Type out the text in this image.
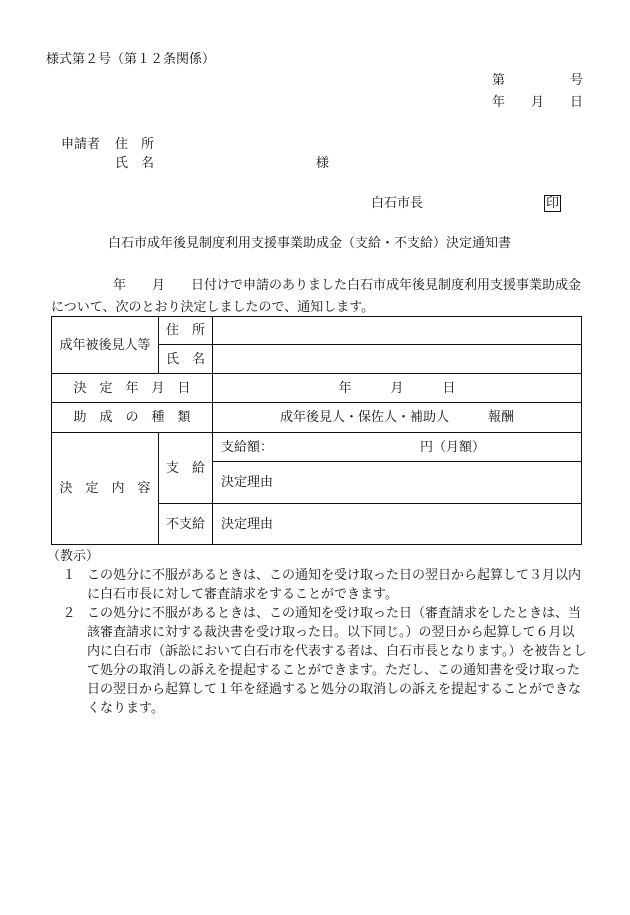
様式第２号（第１２条関係）
第　　　　　号
年　　月　　日
申請者 住　所
氏　名	様
白石市長	印
白石市成年後見制度利用支援事業助成金（支給・不支給）決定通知書
年　　月　　日付けで申請のありました白石市成年後見制度利用支援事業助成金について、次のとおり決定しましたので、通知します。
成年被後見人等	住　所	
	氏　名	
決　定　年　月　日		年　　　月　　　日
助　成　の　種　類		成年後見人・保佐人・補助人　　　報酬
決　定　内　容	支　給	支給額： 円（月額）

		決定理由
	不支給	決定理由
（教示）
１ この処分に不服があるときは、この通知を受け取った日の翌日から起算して３月以内に白石市長に対して審査請求をすることができます。
２ この処分に不服があるときは、この通知を受け取った日（審査請求をしたときは、当該審査請求に対する裁決書を受け取った日。以下同じ。）の翌日から起算して６月以内に白石市（訴訟において白石市を代表する者は、白石市長となります。）を被告として処分の取消しの訴えを提起することができます。ただし、この通知書を受け取った日の翌日から起算して１年を経過すると処分の取消しの訴えを提起することができなくなります。
